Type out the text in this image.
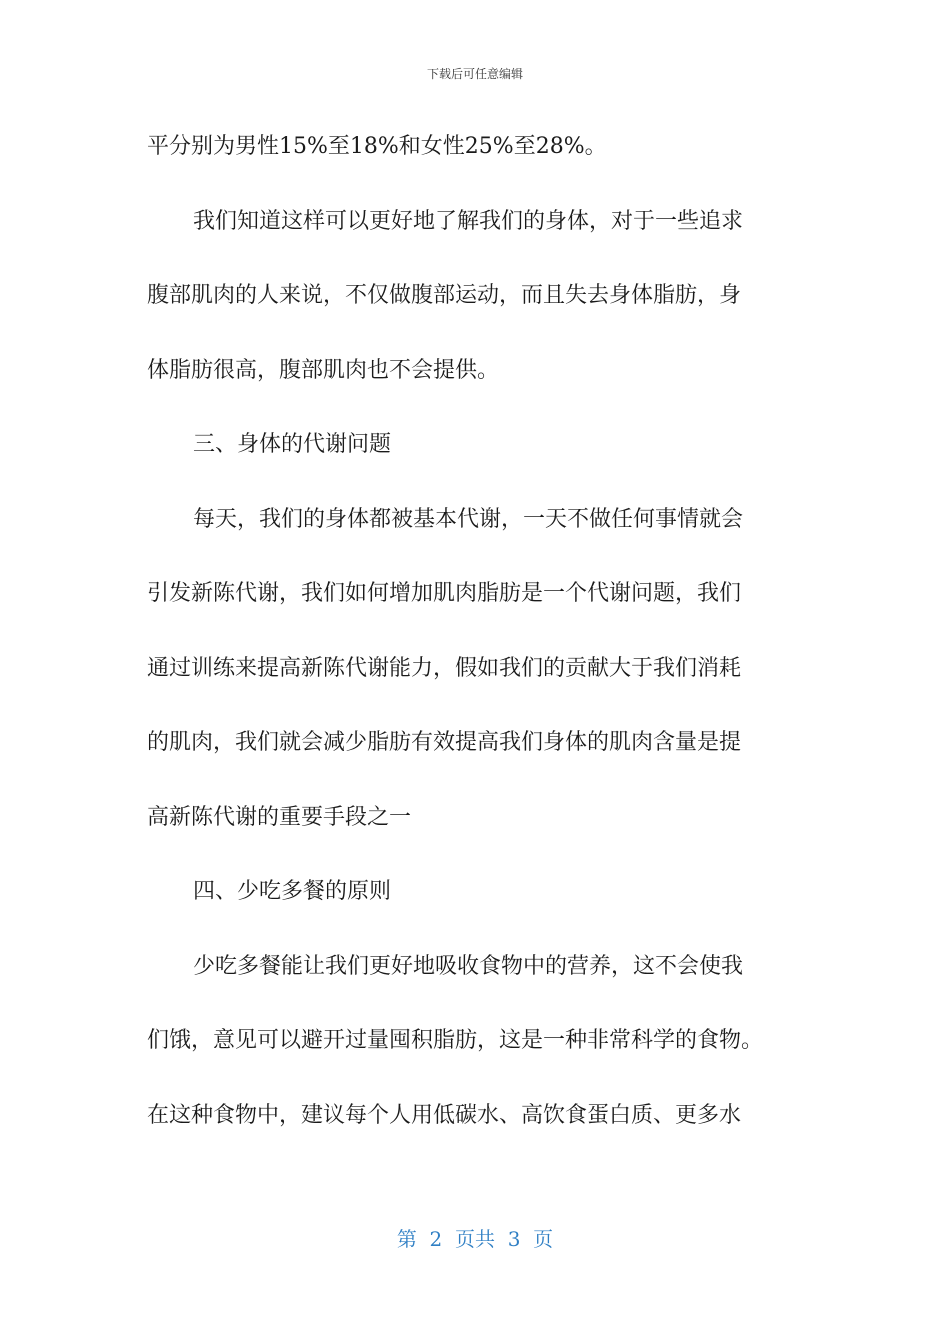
下载后可任意编辑
平分别为男性15%至18%和女性25%至28%。
我们知道这样可以更好地了解我们的身体，对于一些追求
腹部肌肉的人来说，不仅做腹部运动，而且失去身体脂肪，身
体脂肪很高，腹部肌肉也不会提供。
三、身体的代谢问题
每天，我们的身体都被基本代谢，一天不做任何事情就会
引发新陈代谢，我们如何增加肌肉脂肪是一个代谢问题，我们
通过训练来提高新陈代谢能力，假如我们的贡献大于我们消耗
的肌肉，我们就会减少脂肪有效提高我们身体的肌肉含量是提
高新陈代谢的重要手段之一
四、少吃多餐的原则
少吃多餐能让我们更好地吸收食物中的营养，这不会使我
们饿，意见可以避开过量囤积脂肪，这是一种非常科学的食物。
在这种食物中，建议每个人用低碳水、高饮食蛋白质、更多水
第  2  页共  3  页
